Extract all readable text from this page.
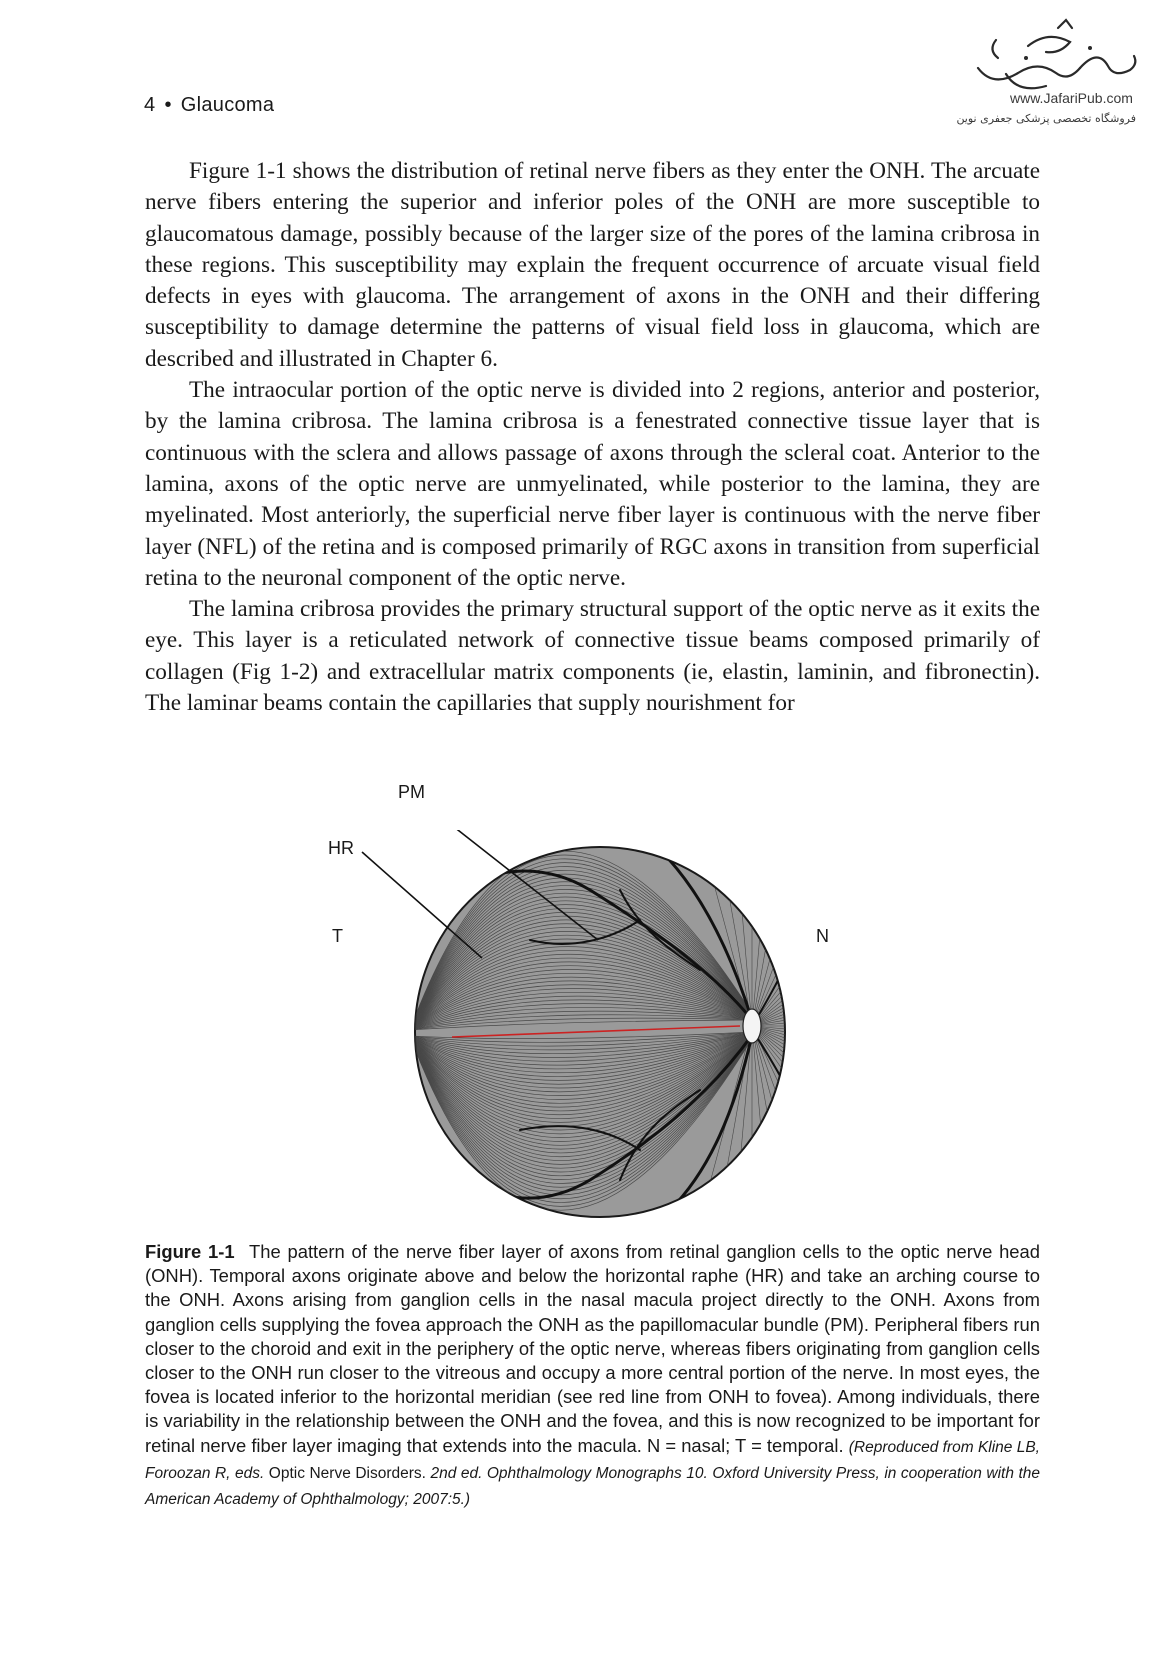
4 • Glaucoma	www.JafariPub.com
فروشگاه تخصصی پزشکی جعفری نوین

Figure 1-1 shows the distribution of retinal nerve fibers as they enter the ONH. The arcuate nerve fibers entering the superior and inferior poles of the ONH are more susceptible to glaucomatous damage, possibly because of the larger size of the pores of the lamina cribrosa in these regions. This susceptibility may explain the frequent occurrence of arcuate visual field defects in eyes with glaucoma. The arrangement of axons in the ONH and their differing susceptibility to damage determine the patterns of visual field loss in glaucoma, which are described and illustrated in Chapter 6.

The intraocular portion of the optic nerve is divided into 2 regions, anterior and posterior, by the lamina cribrosa. The lamina cribrosa is a fenestrated connective tissue layer that is continuous with the sclera and allows passage of axons through the scleral coat. Anterior to the lamina, axons of the optic nerve are unmyelinated, while posterior to the lamina, they are myelinated. Most anteriorly, the superficial nerve fiber layer is continuous with the nerve fiber layer (NFL) of the retina and is composed primarily of RGC axons in transition from superficial retina to the neuronal component of the optic nerve.

The lamina cribrosa provides the primary structural support of the optic nerve as it exits the eye. This layer is a reticulated network of connective tissue beams composed primarily of collagen (Fig 1-2) and extracellular matrix components (ie, elastin, laminin, and fibronectin). The laminar beams contain the capillaries that supply nourishment for

PM
HR
T	N
Figure 1-1 The pattern of the nerve fiber layer of axons from retinal ganglion cells to the optic nerve head (ONH). Temporal axons originate above and below the horizontal raphe (HR) and take an arching course to the ONH. Axons arising from ganglion cells in the nasal macula project directly to the ONH. Axons from ganglion cells supplying the fovea approach the ONH as the papillomacular bundle (PM). Peripheral fibers run closer to the choroid and exit in the periphery of the optic nerve, whereas fibers originating from ganglion cells closer to the ONH run closer to the vitreous and occupy a more central portion of the nerve. In most eyes, the fovea is located inferior to the horizontal meridian (see red line from ONH to fovea). Among individuals, there is variability in the relationship between the ONH and the fovea, and this is now recognized to be important for retinal nerve fiber layer imaging that extends into the macula. N = nasal; T = temporal. (Reproduced from Kline LB, Foroozan R, eds. Optic Nerve Disorders. 2nd ed. Ophthalmology Monographs 10. Oxford University Press, in cooperation with the American Academy of Ophthalmology; 2007:5.)
